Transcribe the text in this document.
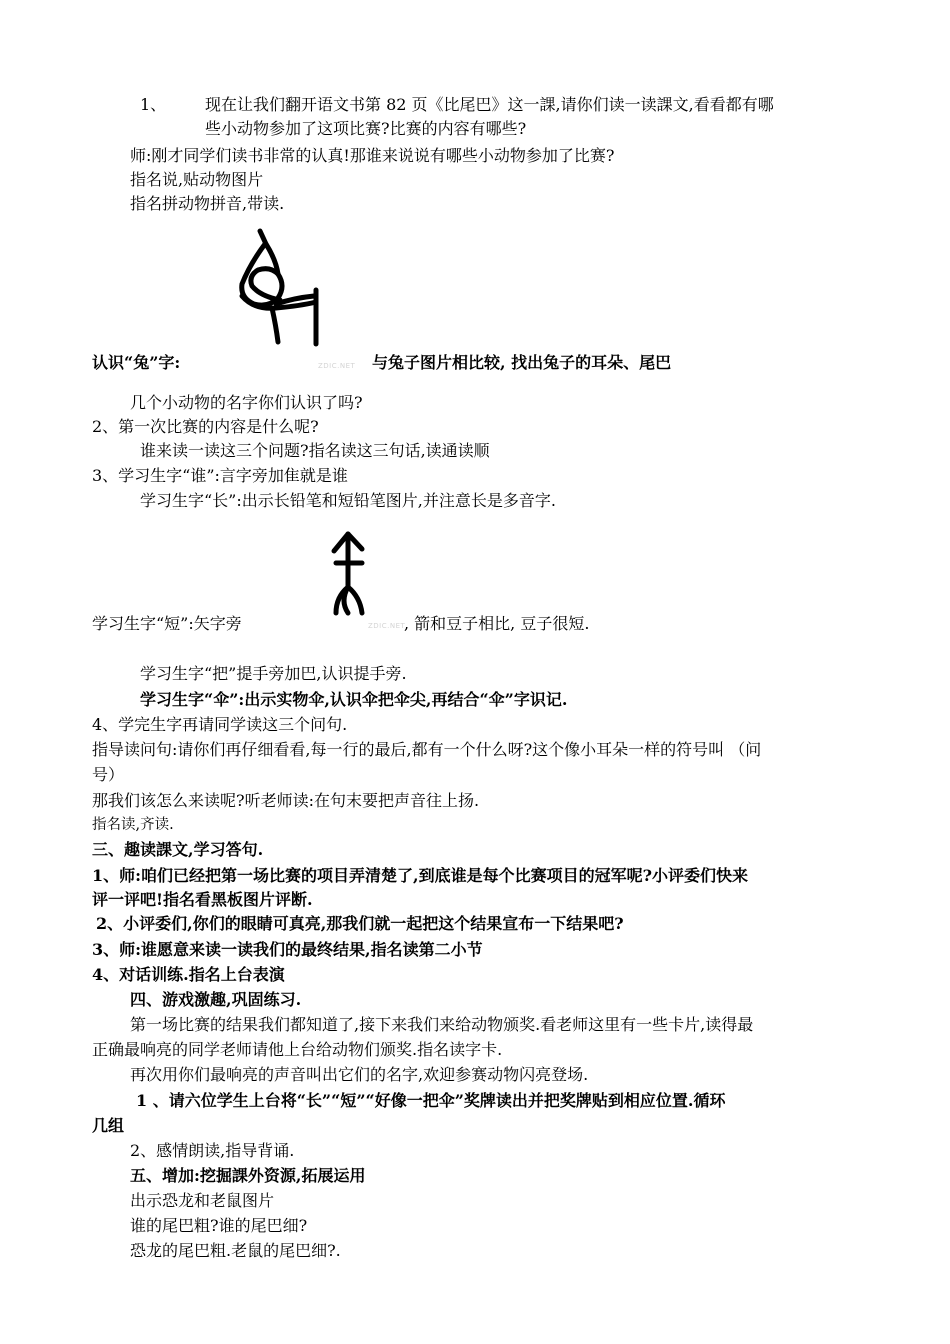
1、 现在让我们翻开语文书第 82 页《比尾巴》这一課,请你们读一读課文,看看都有哪
些小动物参加了这项比赛?比赛的内容有哪些?
师:刚才同学们读书非常的认真!那谁来说说有哪些小动物参加了比赛?
指名说,贴动物图片
指名拼动物拼音,带读.
ZDIC.NET
认识“兔”字:	与兔子图片相比较, 找出兔子的耳朵、尾巴
几个小动物的名字你们认识了吗?
2、第一次比赛的内容是什么呢?
谁来读一读这三个问题?指名读这三句话,读通读顺
3、学习生字“谁”:言字旁加隹就是谁
学习生字“长”:出示长铅笔和短铅笔图片,并注意长是多音字.
ZDIC.NET
学习生字“短”:矢字旁	, 箭和豆子相比, 豆子很短.
学习生字“把”提手旁加巴,认识提手旁.
学习生字“伞”:出示实物伞,认识伞把伞尖,再结合“伞”字识记.
4、学完生字再请同学读这三个问句.
指导读问句:请你们再仔细看看,每一行的最后,都有一个什么呀?这个像小耳朵一样的符号叫 （问
号）
那我们该怎么来读呢?听老师读:在句末要把声音往上扬.
指名读,齐读.
三、趣读課文,学习答句.
1、师:咱们已经把第一场比赛的项目弄清楚了,到底谁是每个比赛项目的冠军呢?小评委们快来
评一评吧!指名看黑板图片评断.
2、小评委们,你们的眼睛可真亮,那我们就一起把这个结果宣布一下结果吧?
3、师:谁愿意来读一读我们的最终结果,指名读第二小节
4、对话训练.指名上台表演
四、游戏激趣,巩固练习.
第一场比赛的结果我们都知道了,接下来我们来给动物颁奖.看老师这里有一些卡片,读得最
正确最响亮的同学老师请他上台给动物们颁奖.指名读字卡.
再次用你们最响亮的声音叫出它们的名字,欢迎参赛动物闪亮登场.
1 、请六位学生上台将“长”“短”“好像一把伞”奖牌读出并把奖牌贴到相应位置.循环
几组
2、感情朗读,指导背诵.
五、增加:挖掘課外资源,拓展运用
出示恐龙和老鼠图片
谁的尾巴粗?谁的尾巴细?
恐龙的尾巴粗.老鼠的尾巴细?.
